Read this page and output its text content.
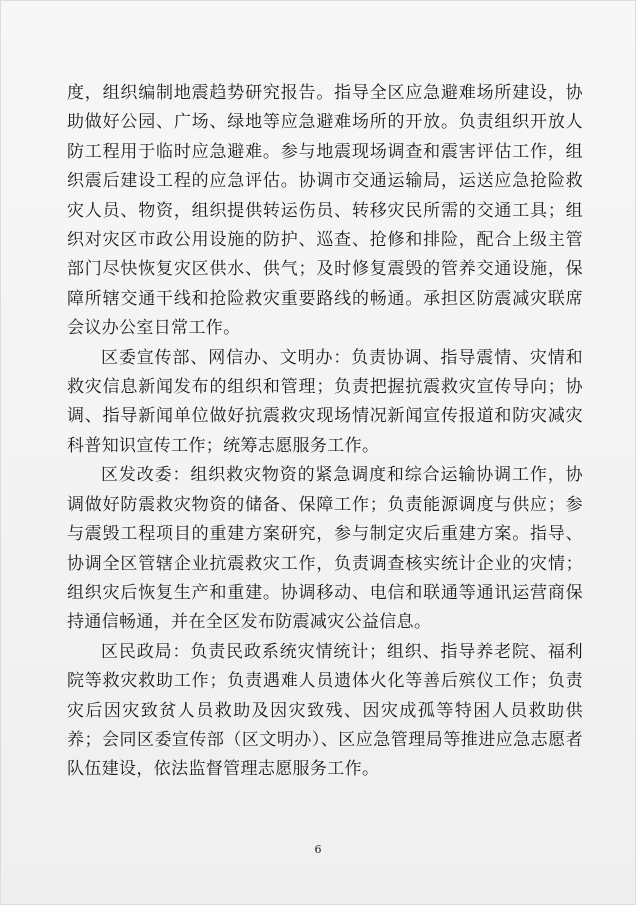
度，组织编制地震趋势研究报告。指导全区应急避难场所建设，协助做好公园、广场、绿地等应急避难场所的开放。负责组织开放人防工程用于临时应急避难。参与地震现场调查和震害评估工作，组织震后建设工程的应急评估。协调市交通运输局，运送应急抢险救灾人员、物资，组织提供转运伤员、转移灾民所需的交通工具；组织对灾区市政公用设施的防护、巡查、抢修和排险，配合上级主管部门尽快恢复灾区供水、供气；及时修复震毁的管养交通设施，保障所辖交通干线和抢险救灾重要路线的畅通。承担区防震减灾联席会议办公室日常工作。

区委宣传部、网信办、文明办：负责协调、指导震情、灾情和救灾信息新闻发布的组织和管理；负责把握抗震救灾宣传导向；协调、指导新闻单位做好抗震救灾现场情况新闻宣传报道和防灾减灾科普知识宣传工作；统筹志愿服务工作。

区发改委：组织救灾物资的紧急调度和综合运输协调工作，协调做好防震救灾物资的储备、保障工作；负责能源调度与供应；参与震毁工程项目的重建方案研究，参与制定灾后重建方案。指导、协调全区管辖企业抗震救灾工作，负责调查核实统计企业的灾情；组织灾后恢复生产和重建。协调移动、电信和联通等通讯运营商保持通信畅通，并在全区发布防震减灾公益信息。

区民政局：负责民政系统灾情统计；组织、指导养老院、福利院等救灾救助工作；负责遇难人员遗体火化等善后殡仪工作；负责灾后因灾致贫人员救助及因灾致残、因灾成孤等特困人员救助供养；会同区委宣传部（区文明办）、区应急管理局等推进应急志愿者队伍建设，依法监督管理志愿服务工作。

6
